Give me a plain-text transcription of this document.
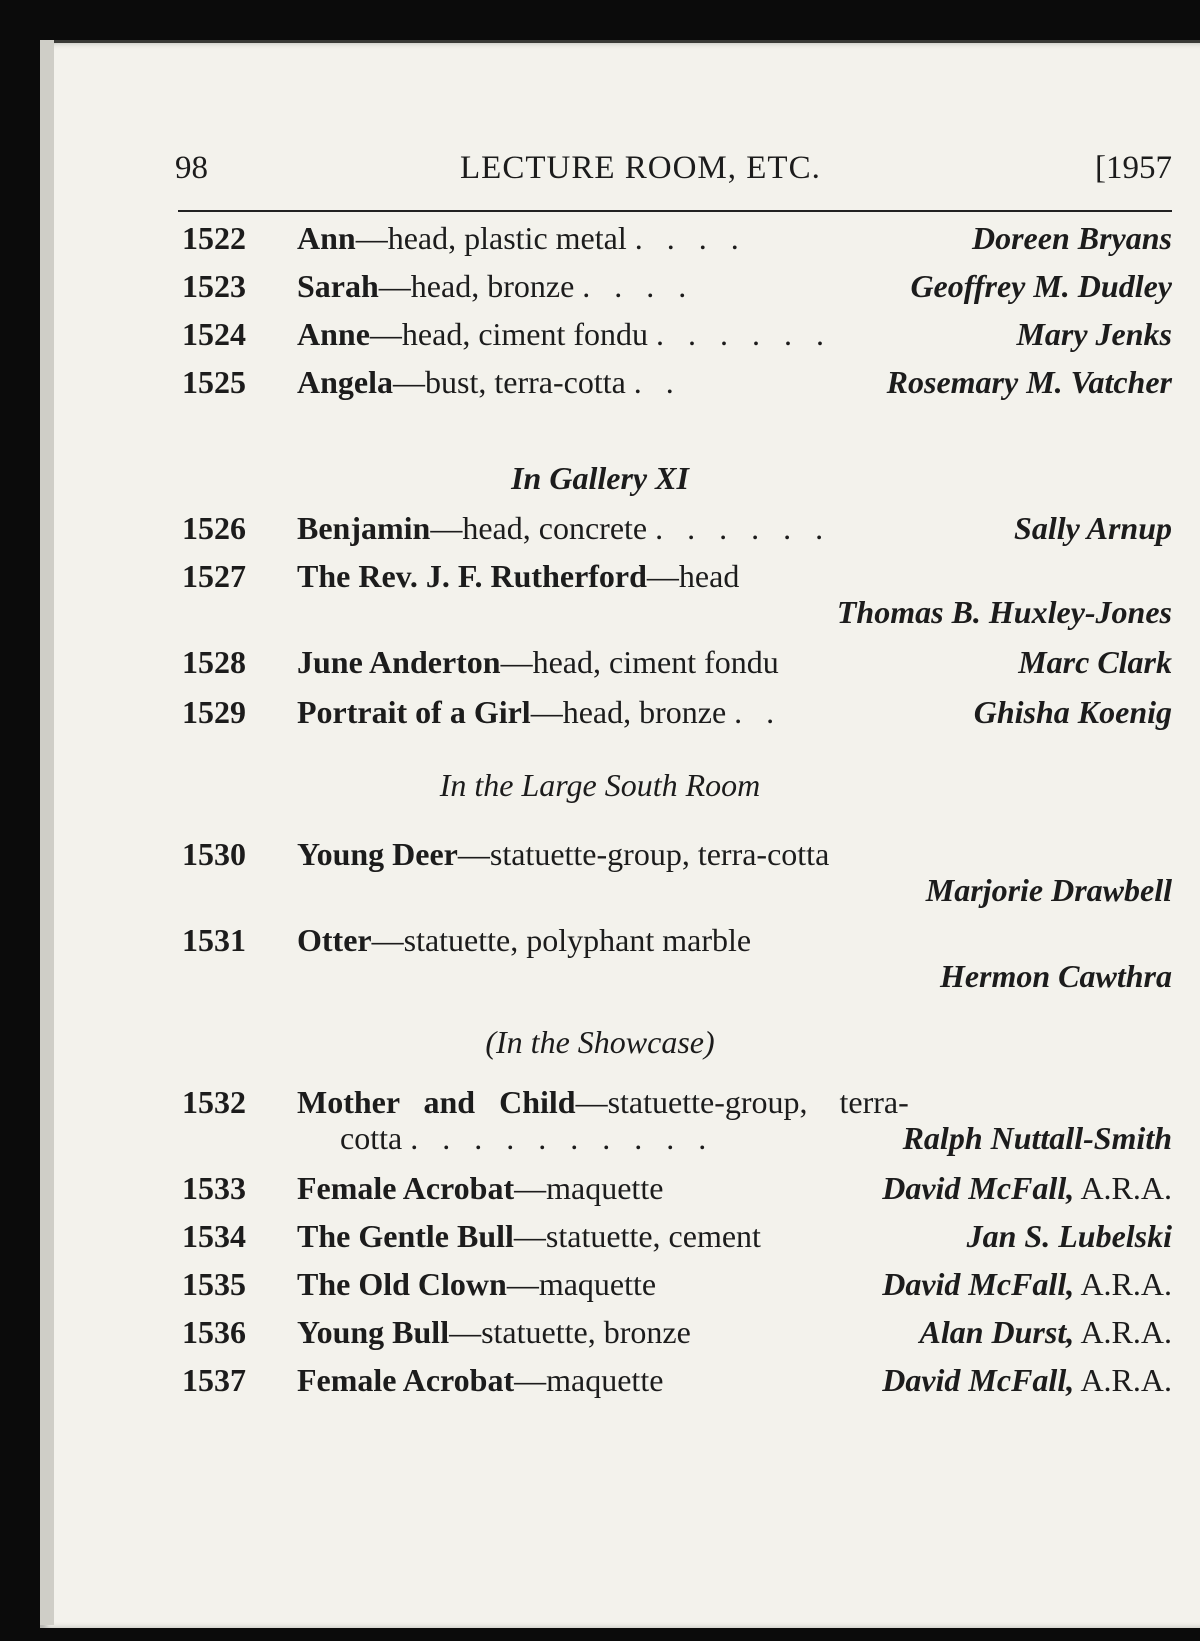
98	LECTURE ROOM, ETC.	[1957
1522 Ann—head, plastic metal . . . .	Doreen Bryans
1523 Sarah—head, bronze . . . .	Geoffrey M. Dudley
1524 Anne—head, ciment fondu . . . . . .	Mary Jenks
1525 Angela—bust, terra-cotta . .	Rosemary M. Vatcher
In Gallery XI
1526 Benjamin—head, concrete . . . . . .	Sally Arnup
1527 The Rev. J. F. Rutherford—head
Thomas B. Huxley-Jones
1528 June Anderton—head, ciment fondu	Marc Clark
1529 Portrait of a Girl—head, bronze . .	Ghisha Koenig
In the Large South Room
1530 Young Deer—statuette-group, terra-cotta
Marjorie Drawbell
1531 Otter—statuette, polyphant marble
Hermon Cawthra
(In the Showcase)
1532 Mother   and   Child—statuette-group,    terra-
cotta . . . . . . . . . .	Ralph Nuttall-Smith
1533 Female Acrobat—maquette	David McFall, A.R.A.
1534 The Gentle Bull—statuette, cement	Jan S. Lubelski
1535 The Old Clown—maquette	David McFall, A.R.A.
1536 Young Bull—statuette, bronze	Alan Durst, A.R.A.
1537 Female Acrobat—maquette	David McFall, A.R.A.
